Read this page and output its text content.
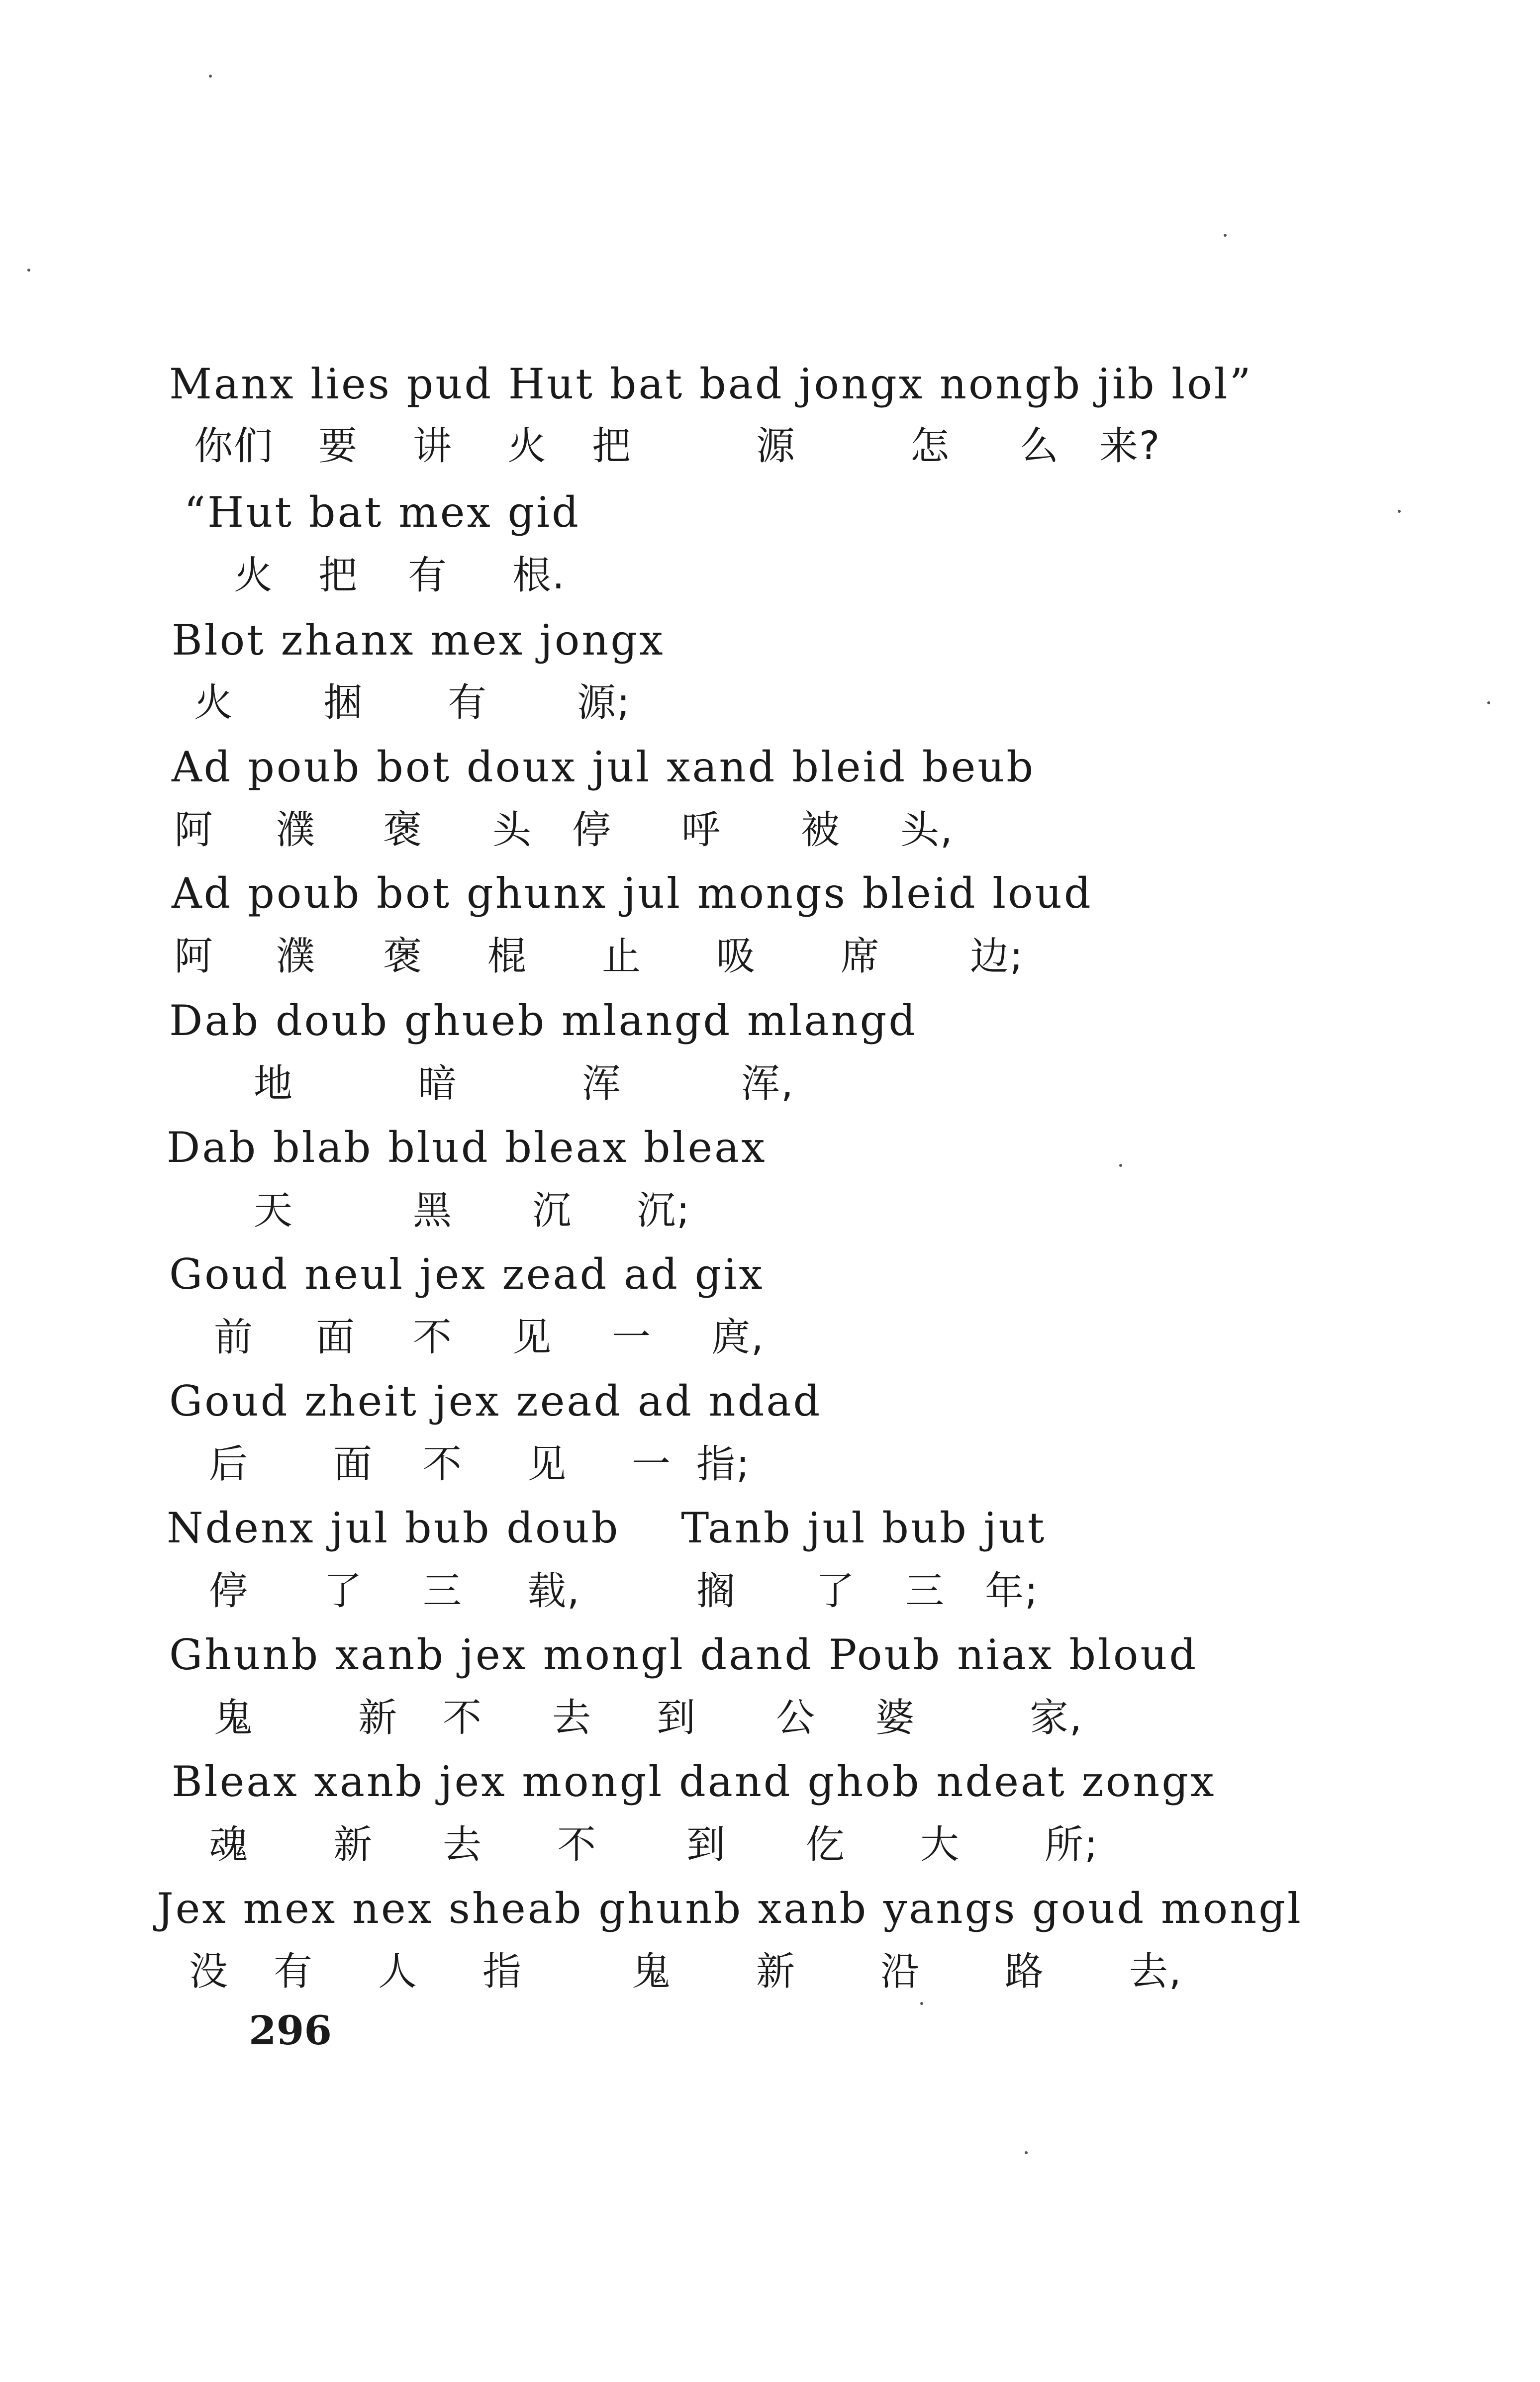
Manx lies pud Hut bat bad jongx nongb jib lol”

你们

要

讲

火

把

	源

	怎

么

来?

“Hut bat mex gid

火

把

有

根.

Blot zhanx mex jongx

火

捆

有

源;

Ad poub bot doux jul xand bleid beub

阿

濮

褒

头

停

呼

被

头,

Ad poub bot ghunx jul mongs bleid loud

阿

濮

褒

棍

止

吸

席

边;

Dab doub ghueb mlangd mlangd

地

	暗

	浑

	浑,

Dab blab blud bleax bleax

天

	黑

沉

沉;

Goud neul jex zead ad gix

前

面

不

见

一

庹,

Goud zheit jex zead ad ndad

后

面

不

见

一

指;

Ndenx jul bub doub    Tanb jul bub jut

停

了

三

载,

	搁

了

三

年;

Ghunb xanb jex mongl dand Poub niax bloud

鬼

	新

不

去

到

公

婆

	家,

Bleax xanb jex mongl dand ghob ndeat zongx

魂

新

去

不

到

仡

大

所;

Jex mex nex sheab ghunb xanb yangs goud mongl

没

有

人

指

	鬼

新

沿

路

去,

296
